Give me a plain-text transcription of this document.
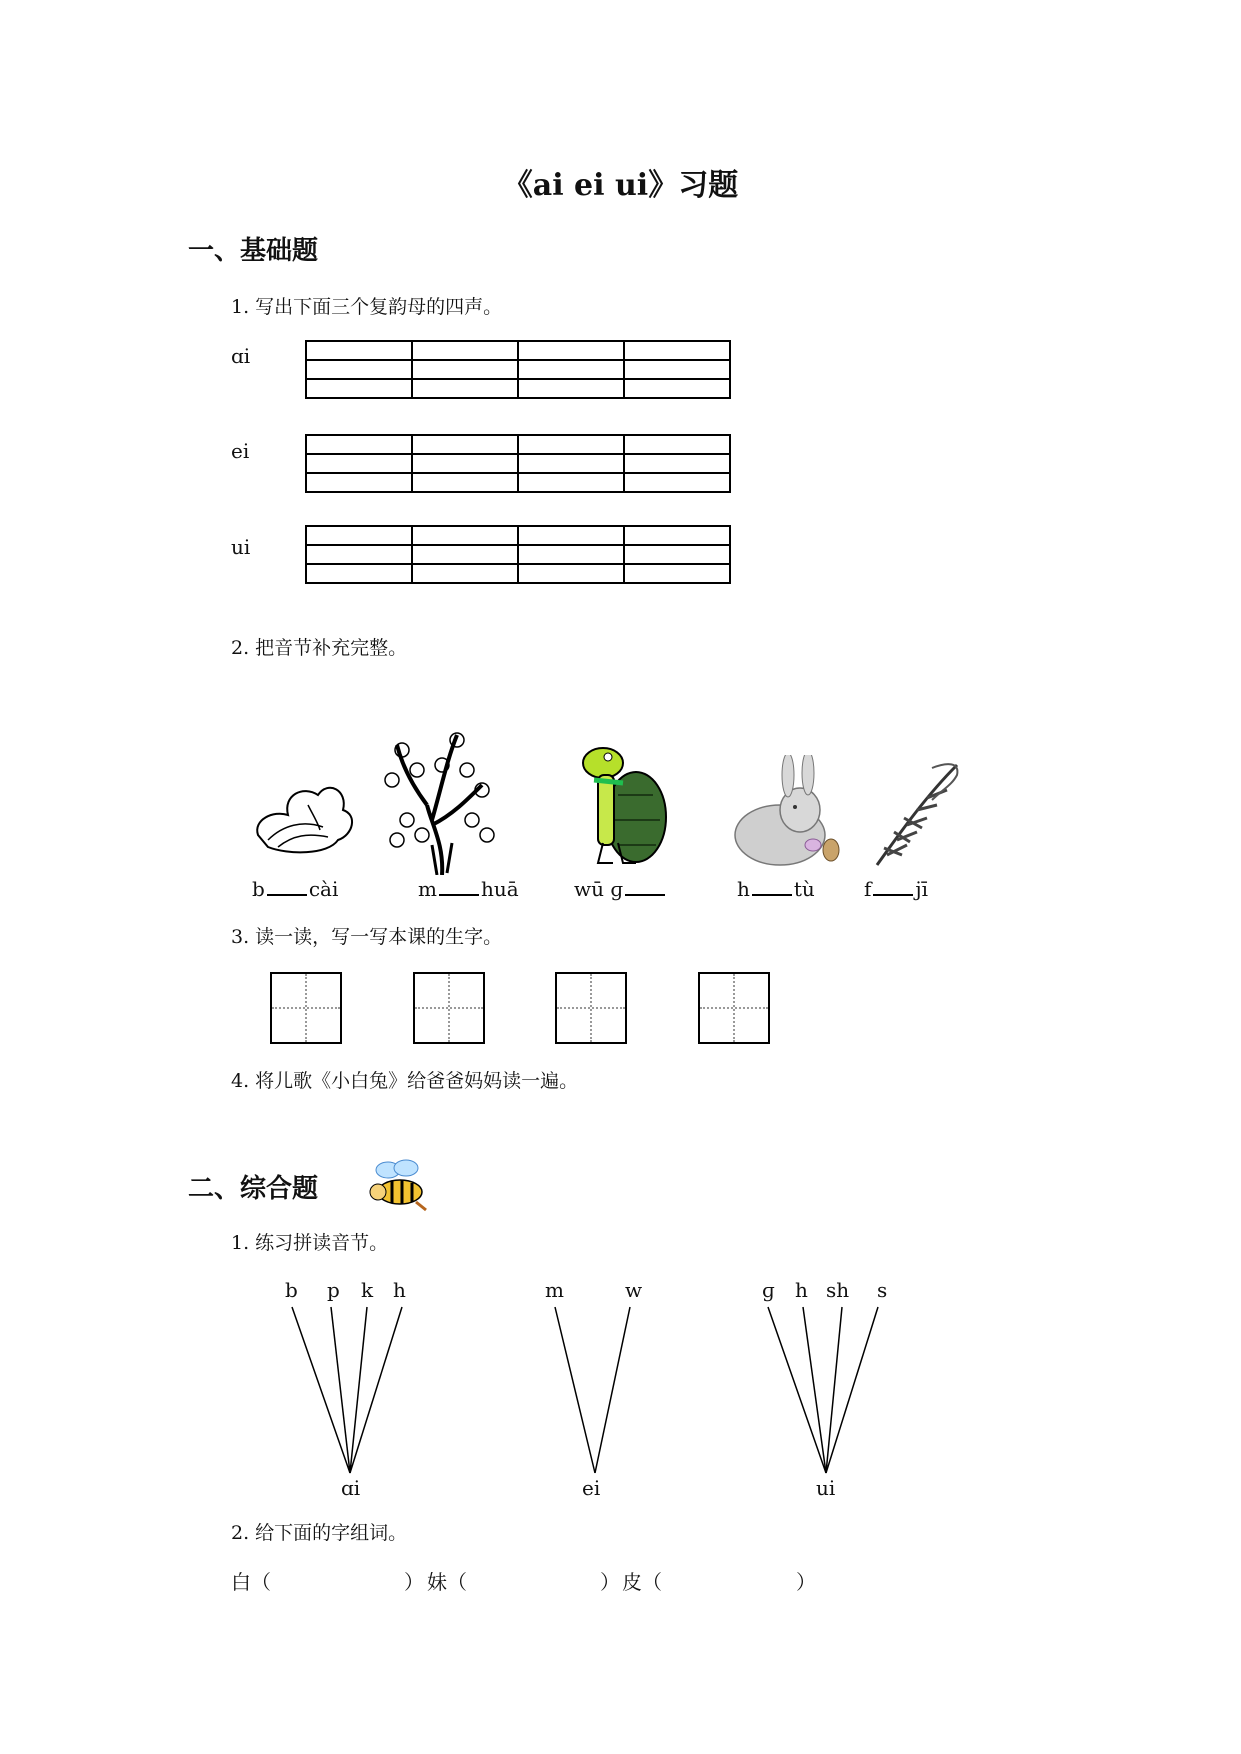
《ai ei ui》习题
一、基础题
1. 写出下面三个复韵母的四声。
ɑi

ei

ui

2. 把音节补充完整。
b cài	m huā	wū ɡ	h tù f jī
3. 读一读，写一写本课的生字。
4. 将儿歌《小白兔》给爸爸妈妈读一遍。
二、综合题
1. 练习拼读音节。
b p k h
ɑi
m	w
ei
ɡ h sh s
ui
2. 给下面的字组词。
白（	） 妹（	） 皮（	）
